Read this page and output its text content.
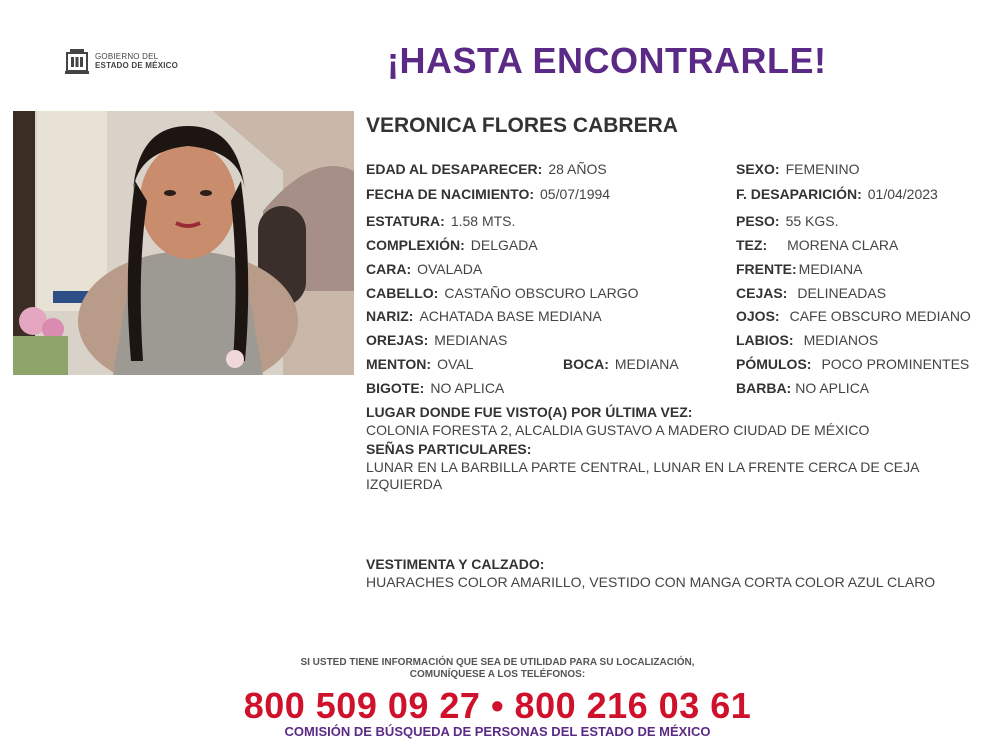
GOBIERNO DEL
ESTADO DE MÉXICO	¡HASTA ENCONTRARLE!
VERONICA FLORES CABRERA
EDAD AL DESAPARECER: 28 AÑOS	SEXO: FEMENINO
FECHA DE NACIMIENTO: 05/07/1994	F. DESAPARICIÓN: 01/04/2023
ESTATURA: 1.58 MTS.	PESO: 55 KGS.
COMPLEXIÓN: DELGADA	TEZ: MORENA CLARA
CARA: OVALADA	FRENTE: MEDIANA
CABELLO: CASTAÑO OBSCURO LARGO	CEJAS: DELINEADAS
NARIZ: ACHATADA BASE MEDIANA	OJOS: CAFE OBSCURO MEDIANO
OREJAS: MEDIANAS	LABIOS: MEDIANOS
MENTON: OVAL	BOCA: MEDIANA	PÓMULOS: POCO PROMINENTES
BIGOTE: NO APLICA	BARBA: NO APLICA
LUGAR DONDE FUE VISTO(A) POR ÚLTIMA VEZ:
COLONIA FORESTA 2, ALCALDIA GUSTAVO A MADERO CIUDAD DE MÉXICO
SEÑAS PARTICULARES:
LUNAR EN LA BARBILLA PARTE CENTRAL, LUNAR EN LA FRENTE CERCA DE CEJA IZQUIERDA
VESTIMENTA Y CALZADO:
HUARACHES COLOR AMARILLO, VESTIDO CON MANGA CORTA COLOR AZUL CLARO
SI USTED TIENE INFORMACIÓN QUE SEA DE UTILIDAD PARA SU LOCALIZACIÓN,
COMUNÍQUESE A LOS TELÉFONOS:
800 509 09 27 • 800 216 03 61
COMISIÓN DE BÚSQUEDA DE PERSONAS DEL ESTADO DE MÉXICO
